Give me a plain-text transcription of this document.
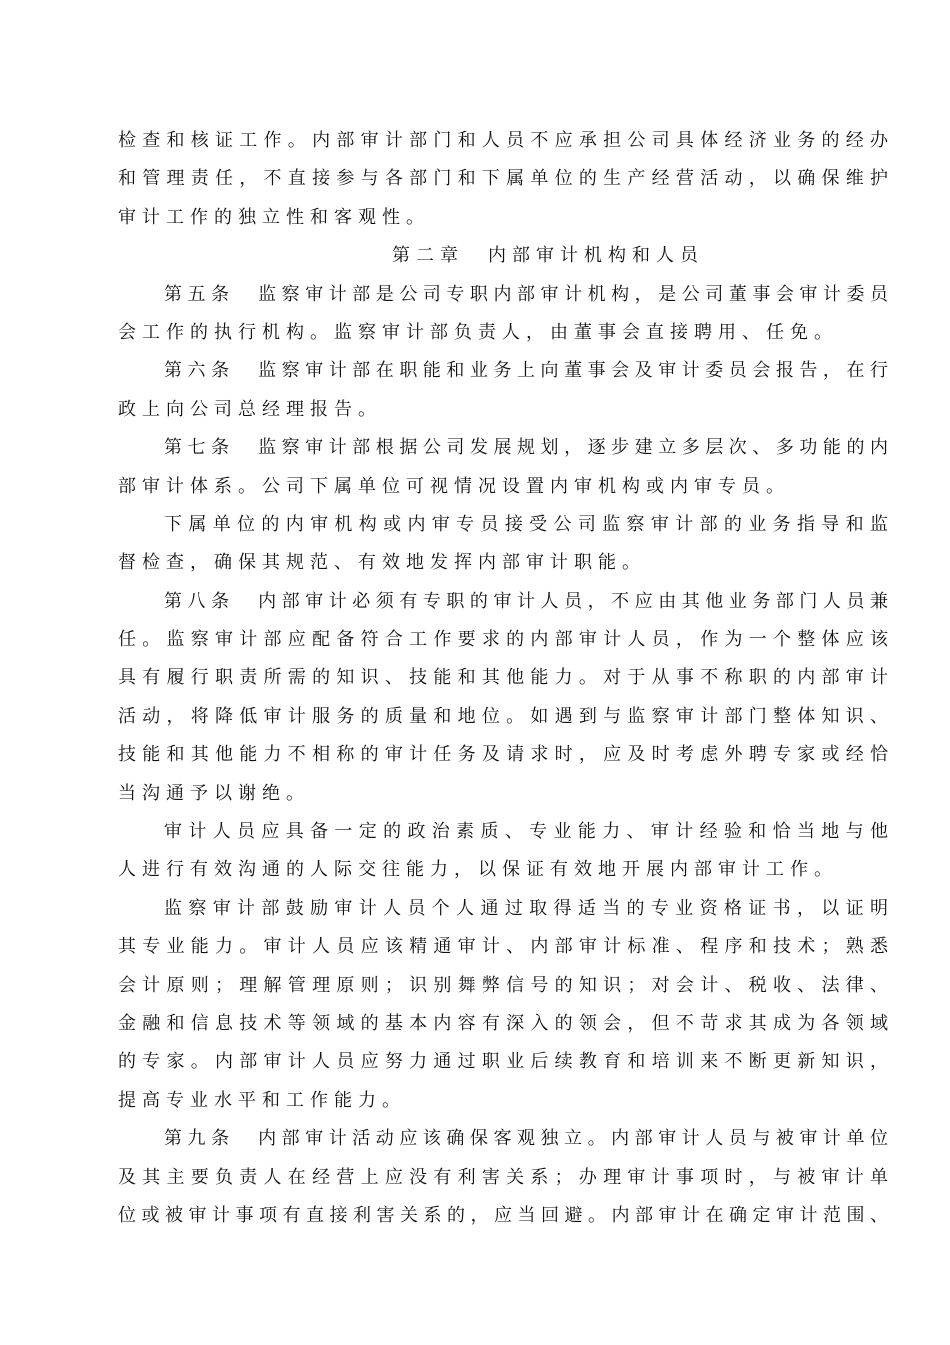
检查和核证工作。内部审计部门和人员不应承担公司具体经济业务的经办
和管理责任，不直接参与各部门和下属单位的生产经营活动，以确保维护
审计工作的独立性和客观性。
第二章　内部审计机构和人员
第五条　监察审计部是公司专职内部审计机构，是公司董事会审计委员
会工作的执行机构。监察审计部负责人，由董事会直接聘用、任免。
第六条　监察审计部在职能和业务上向董事会及审计委员会报告，在行
政上向公司总经理报告。
第七条　监察审计部根据公司发展规划，逐步建立多层次、多功能的内
部审计体系。公司下属单位可视情况设置内审机构或内审专员。
下属单位的内审机构或内审专员接受公司监察审计部的业务指导和监
督检查，确保其规范、有效地发挥内部审计职能。
第八条　内部审计必须有专职的审计人员，不应由其他业务部门人员兼
任。监察审计部应配备符合工作要求的内部审计人员，作为一个整体应该
具有履行职责所需的知识、技能和其他能力。对于从事不称职的内部审计
活动，将降低审计服务的质量和地位。如遇到与监察审计部门整体知识、
技能和其他能力不相称的审计任务及请求时，应及时考虑外聘专家或经恰
当沟通予以谢绝。
审计人员应具备一定的政治素质、专业能力、审计经验和恰当地与他
人进行有效沟通的人际交往能力，以保证有效地开展内部审计工作。
监察审计部鼓励审计人员个人通过取得适当的专业资格证书，以证明
其专业能力。审计人员应该精通审计、内部审计标准、程序和技术；熟悉
会计原则；理解管理原则；识别舞弊信号的知识；对会计、税收、法律、
金融和信息技术等领域的基本内容有深入的领会，但不苛求其成为各领域
的专家。内部审计人员应努力通过职业后续教育和培训来不断更新知识，
提高专业水平和工作能力。
第九条　内部审计活动应该确保客观独立。内部审计人员与被审计单位
及其主要负责人在经营上应没有利害关系；办理审计事项时，与被审计单
位或被审计事项有直接利害关系的，应当回避。内部审计在确定审计范围、
